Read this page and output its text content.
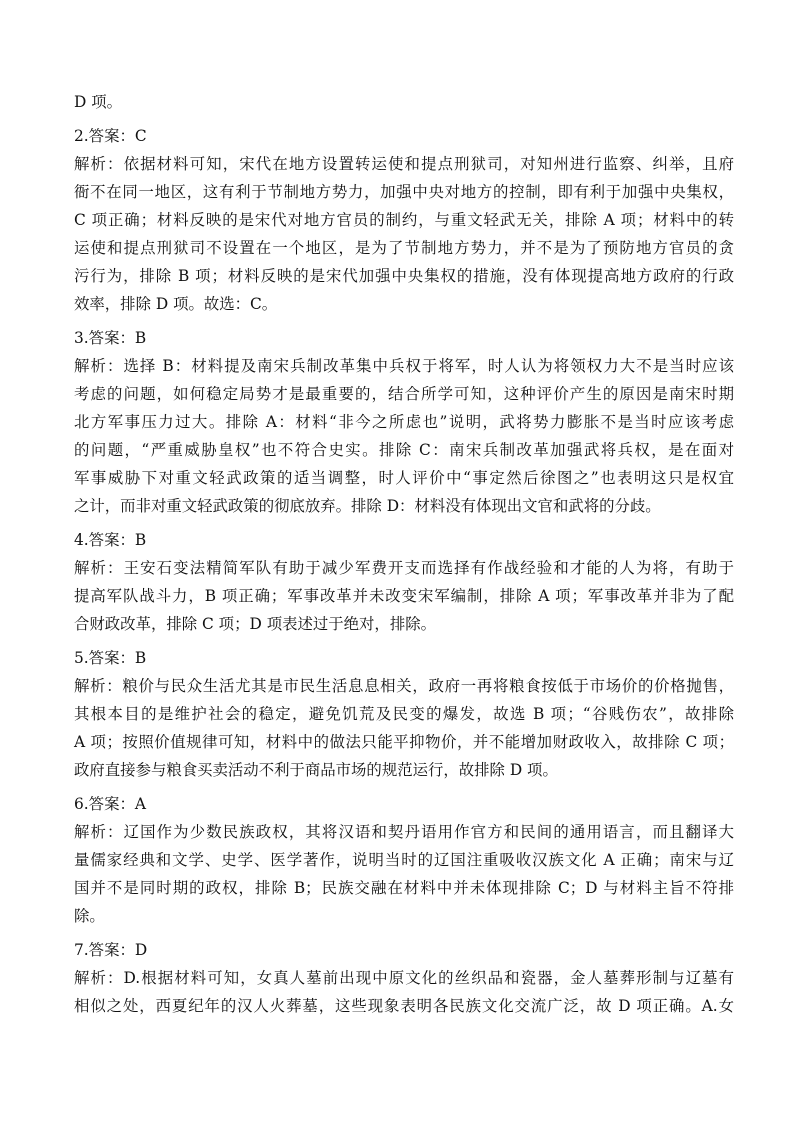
D 项。
2.答案：C
解析：依据材料可知，宋代在地方设置转运使和提点刑狱司，对知州进行监察、纠举，且府
衙不在同一地区，这有利于节制地方势力，加强中央对地方的控制，即有利于加强中央集权，
C 项正确；材料反映的是宋代对地方官员的制约，与重文轻武无关，排除 A 项；材料中的转
运使和提点刑狱司不设置在一个地区，是为了节制地方势力，并不是为了预防地方官员的贪
污行为，排除 B 项；材料反映的是宋代加强中央集权的措施，没有体现提高地方政府的行政
效率，排除 D 项。故选：C。
3.答案：B
解析：选择 B：材料提及南宋兵制改革集中兵权于将军，时人认为将领权力大不是当时应该
考虑的问题，如何稳定局势才是最重要的，结合所学可知，这种评价产生的原因是南宋时期
北方军事压力过大。排除 A：材料“非今之所虑也”说明，武将势力膨胀不是当时应该考虑
的问题，“严重威胁皇权”也不符合史实。排除 C：南宋兵制改革加强武将兵权，是在面对
军事威胁下对重文轻武政策的适当调整，时人评价中“事定然后徐图之”也表明这只是权宜
之计，而非对重文轻武政策的彻底放弃。排除 D：材料没有体现出文官和武将的分歧。
4.答案：B
解析：王安石变法精简军队有助于减少军费开支而选择有作战经验和才能的人为将，有助于
提高军队战斗力，B 项正确；军事改革并未改变宋军编制，排除 A 项；军事改革并非为了配
合财政改革，排除 C 项；D 项表述过于绝对，排除。
5.答案：B
解析：粮价与民众生活尤其是市民生活息息相关，政府一再将粮食按低于市场价的价格抛售，
其根本目的是维护社会的稳定，避免饥荒及民变的爆发，故选 B 项；“谷贱伤农”，故排除
A 项；按照价值规律可知，材料中的做法只能平抑物价，并不能增加财政收入，故排除 C 项；
政府直接参与粮食买卖活动不利于商品市场的规范运行，故排除 D 项。
6.答案：A
解析：辽国作为少数民族政权，其将汉语和契丹语用作官方和民间的通用语言，而且翻译大
量儒家经典和文学、史学、医学著作，说明当时的辽国注重吸收汉族文化 A 正确；南宋与辽
国并不是同时期的政权，排除 B；民族交融在材料中并未体现排除 C；D 与材料主旨不符排
除。
7.答案：D
解析：D.根据材料可知，女真人墓前出现中原文化的丝织品和瓷器，金人墓葬形制与辽墓有
相似之处，西夏纪年的汉人火葬墓，这些现象表明各民族文化交流广泛，故 D 项正确。A.女
